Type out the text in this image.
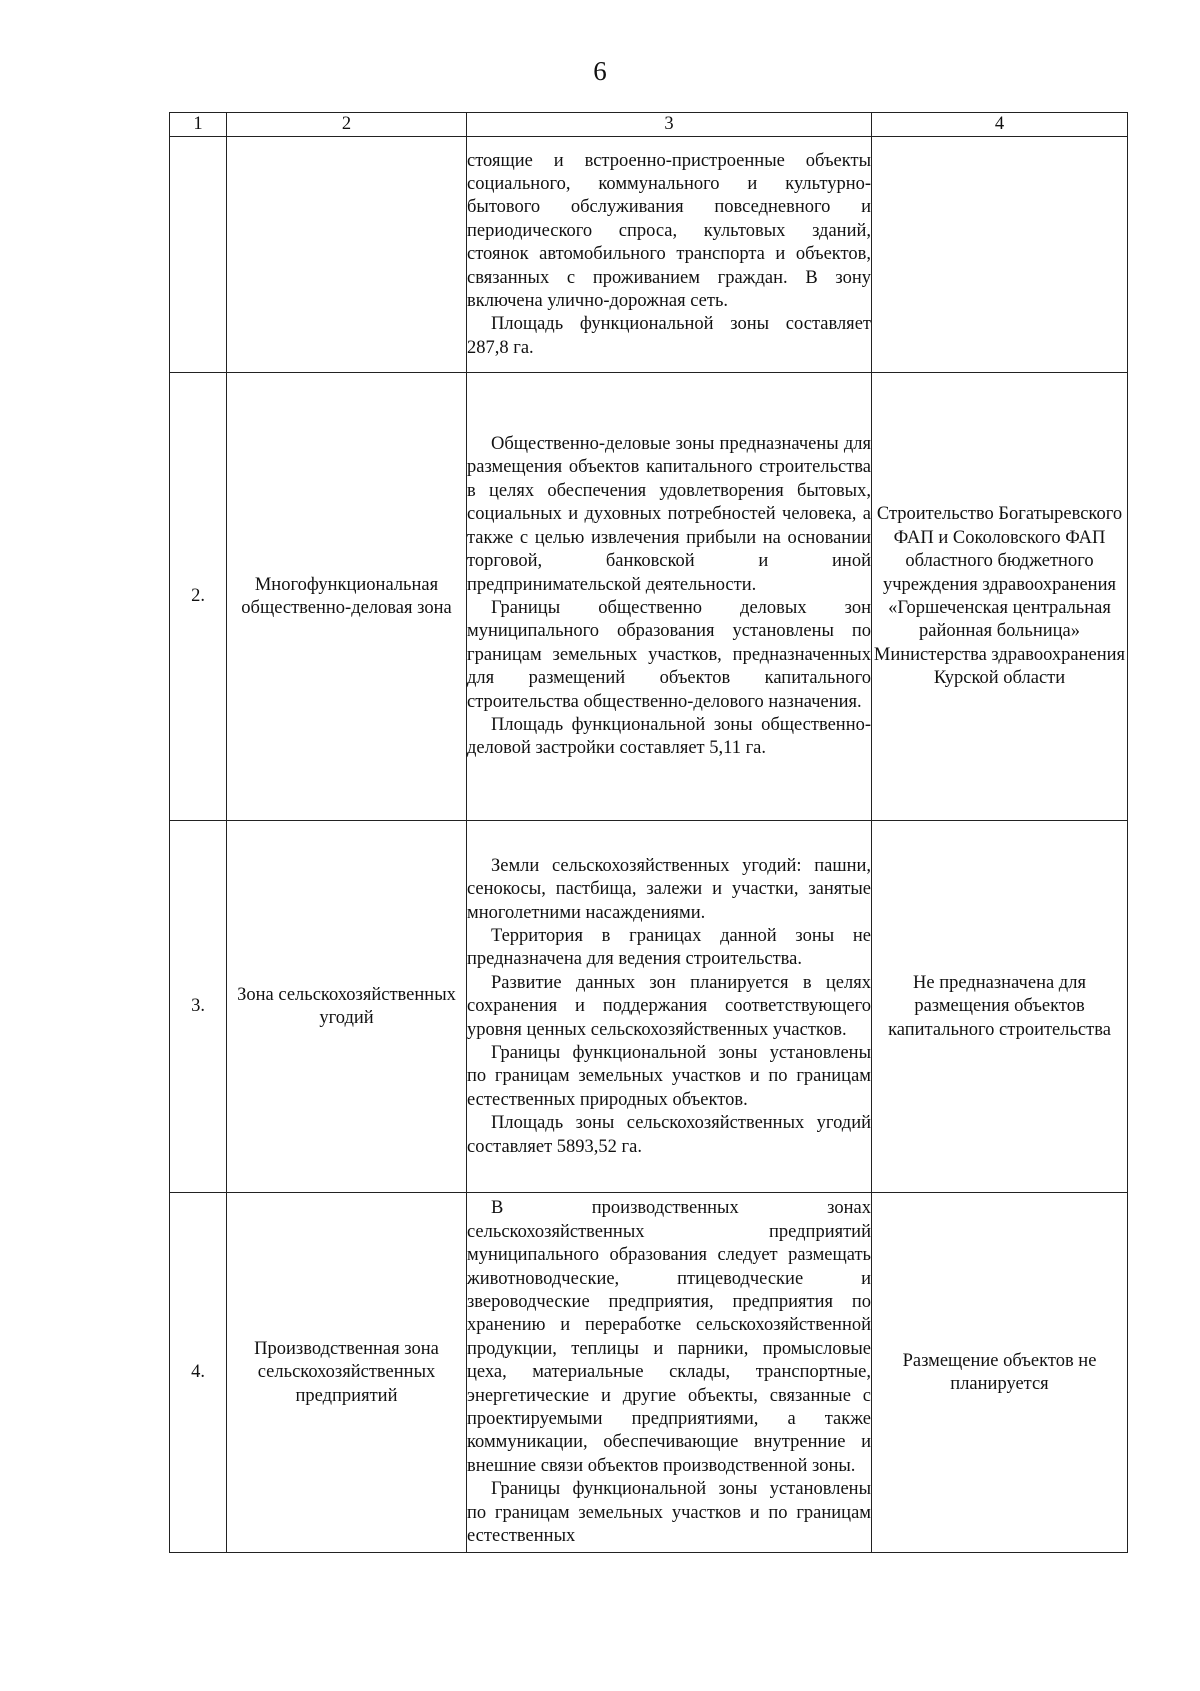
6
1	2	3	4

		стоящие и встроенно-пристроенные объекты социального, коммунального и культурно-бытового обслуживания повседневного и периодического спроса, культовых зданий, стоянок автомобильного транспорта и объектов, связанных с проживанием граждан. В зону включена улично-дорожная сеть.

Площадь функциональной зоны составляет 287,8 га.	

2.	Многофункциональная общественно-деловая зона	Общественно-деловые зоны предназначены для размещения объектов капитального строительства в целях обеспечения удовлетворения бытовых, социальных и духовных потребностей человека, а также с целью извлечения прибыли на основании торговой, банковской и иной предпринимательской деятельности.

Границы общественно деловых зон муниципального образования установлены по границам земельных участков, предназначенных для размещений объектов капитального строительства общественно-делового назначения.

Площадь функциональной зоны общественно-деловой застройки составляет 5,11 га.	Строительство Богатыревского ФАП и Соколовского ФАП областного бюджетного учреждения здравоохранения «Горшеченская центральная районная больница» Министерства здравоохранения Курской области
3.	Зона сельскохозяйственных угодий	Земли сельскохозяйственных угодий: пашни, сенокосы, пастбища, залежи и участки, занятые многолетними насаждениями.

Территория в границах данной зоны не предназначена для ведения строительства.

Развитие данных зон планируется в целях сохранения и поддержания соответствующего уровня ценных сельскохозяйственных участков.

Границы функциональной зоны установлены по границам земельных участков и по границам естественных природных объектов.

Площадь зоны сельскохозяйственных угодий составляет 5893,52 га.	Не предназначена для размещения объектов капитального строительства
4.	Производственная зона сельскохозяйственных предприятий	В производственных зонах сельскохозяйственных предприятий муниципального образования следует размещать животноводческие, птицеводческие и звероводческие предприятия, предприятия по хранению и переработке сельскохозяйственной продукции, теплицы и парники, промысловые цеха, материальные склады, транспортные, энергетические и другие объекты, связанные с проектируемыми предприятиями, а также коммуникации, обеспечивающие внутренние и внешние связи объектов производственной зоны.

Границы функциональной зоны установлены по границам земельных участков и по границам естественных	Размещение объектов не планируется
